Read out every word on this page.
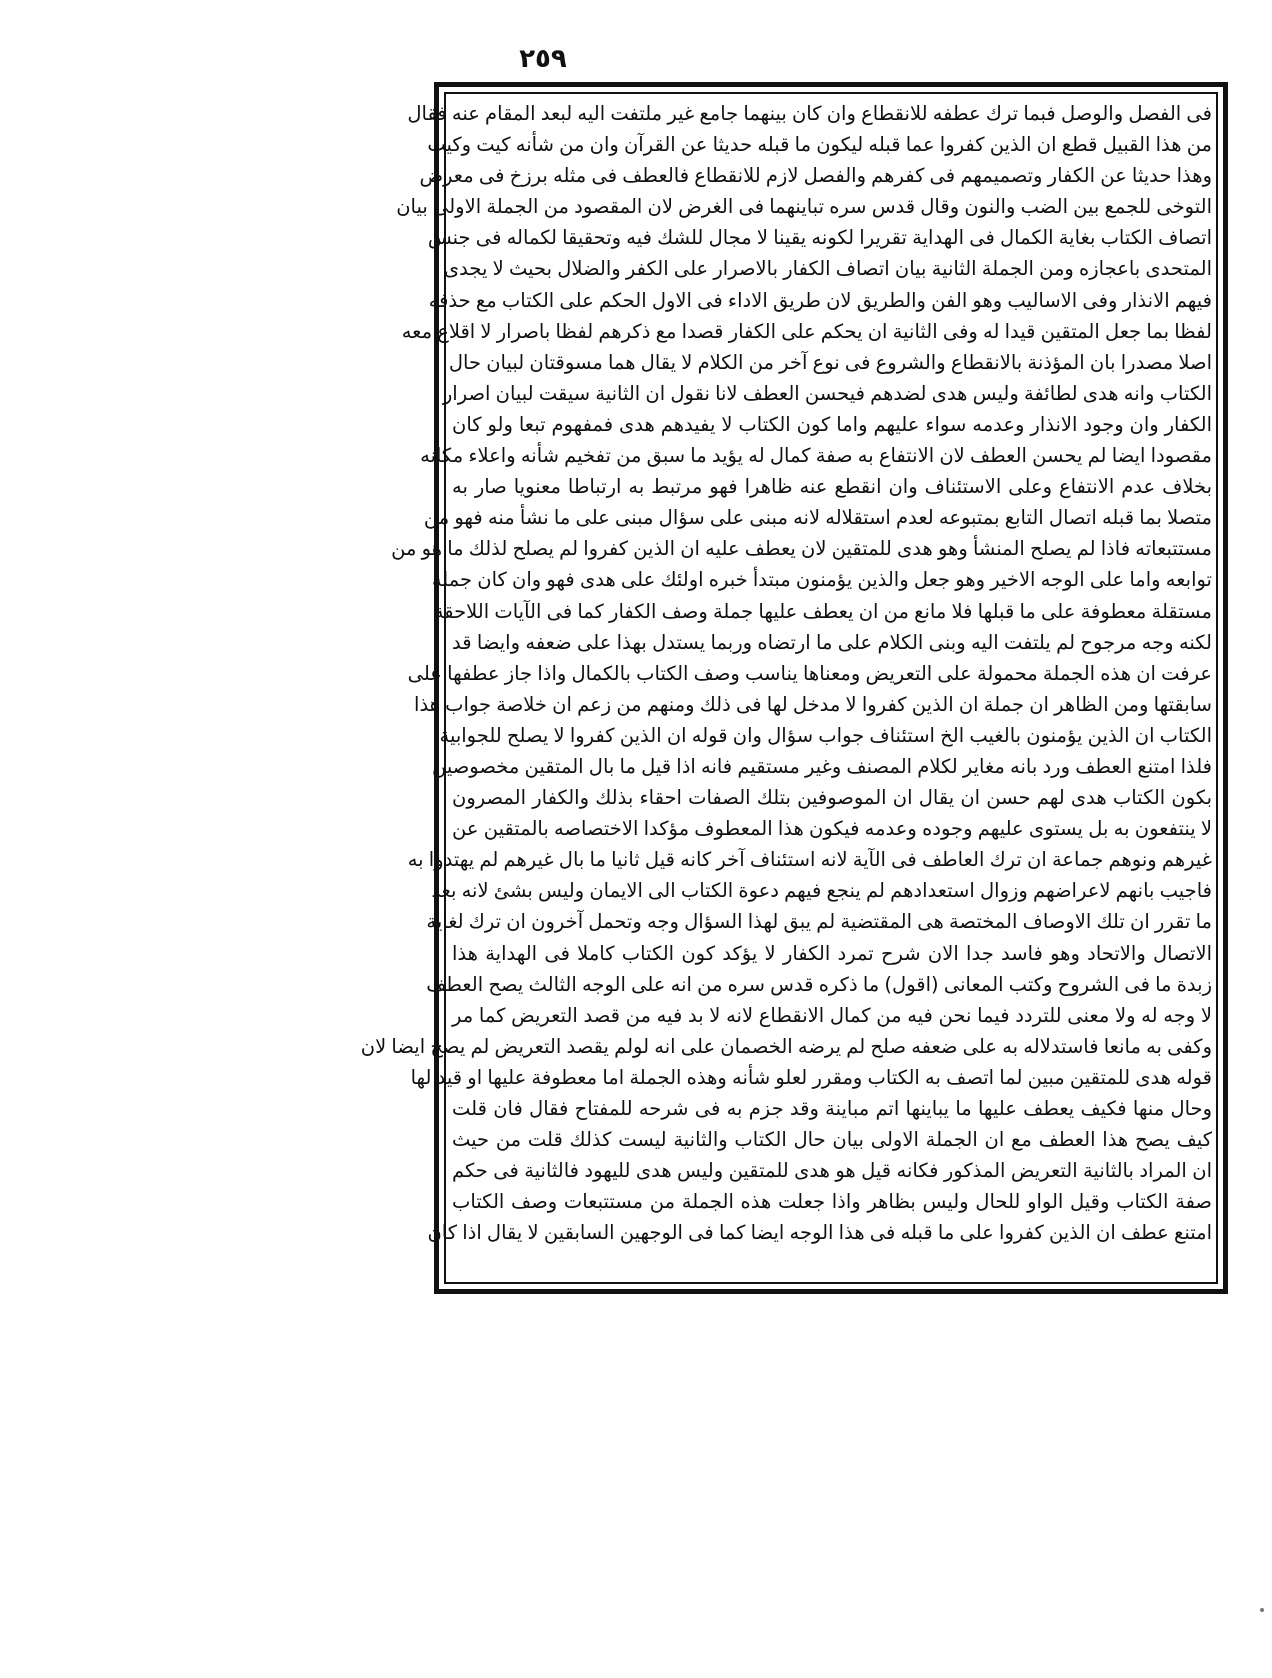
٢٥٩
فى الفصل والوصل فبما ترك عطفه للانقطاع وان كان بينهما جامع غير ملتفت اليه لبعد المقام عنه فقال
من هذا القبيل قطع ان الذين كفروا عما قبله ليكون ما قبله حديثا عن القرآن وان من شأنه كيت وكيت
وهذا حديثا عن الكفار وتصميمهم فى كفرهم والفصل لازم للانقطاع فالعطف فى مثله برزخ فى معرض
التوخى للجمع بين الضب والنون وقال قدس سره تباينهما فى الغرض لان المقصود من الجملة الاولى بيان
اتصاف الكتاب بغاية الكمال فى الهداية تقريرا لكونه يقينا لا مجال للشك فيه وتحقيقا لكماله فى جنس
المتحدى باعجازه ومن الجملة الثانية بيان اتصاف الكفار بالاصرار على الكفر والضلال بحيث لا يجدى
فيهم الانذار وفى الاساليب وهو الفن والطريق لان طريق الاداء فى الاول الحكم على الكتاب مع حذفه
لفظا بما جعل المتقين قيدا له وفى الثانية ان يحكم على الكفار قصدا مع ذكرهم لفظا باصرار لا اقلاع معه
اصلا مصدرا بان المؤذنة بالانقطاع والشروع فى نوع آخر من الكلام لا يقال هما مسوقتان لبيان حال
الكتاب وانه هدى لطائفة وليس هدى لضدهم فيحسن العطف لانا نقول ان الثانية سيقت لبيان اصرار
الكفار وان وجود الانذار وعدمه سواء عليهم واما كون الكتاب لا يفيدهم هدى فمفهوم تبعا ولو كان
مقصودا ايضا لم يحسن العطف لان الانتفاع به صفة كمال له يؤيد ما سبق من تفخيم شأنه واعلاء مكانه
بخلاف عدم الانتفاع وعلى الاستئناف وان انقطع عنه ظاهرا فهو مرتبط به ارتباطا معنويا صار به
متصلا بما قبله اتصال التابع بمتبوعه لعدم استقلاله لانه مبنى على سؤال مبنى على ما نشأ منه فهو من
مستتبعاته فاذا لم يصلح المنشأ وهو هدى للمتقين لان يعطف عليه ان الذين كفروا لم يصلح لذلك ما هو من
توابعه واما على الوجه الاخير وهو جعل والذين يؤمنون مبتدأ خبره اولئك على هدى فهو وان كان جملة
مستقلة معطوفة على ما قبلها فلا مانع من ان يعطف عليها جملة وصف الكفار كما فى الآيات اللاحقة
لكنه وجه مرجوح لم يلتفت اليه وبنى الكلام على ما ارتضاه وربما يستدل بهذا على ضعفه وايضا قد
عرفت ان هذه الجملة محمولة على التعريض ومعناها يناسب وصف الكتاب بالكمال واذا جاز عطفها على
سابقتها ومن الظاهر ان جملة ان الذين كفروا لا مدخل لها فى ذلك ومنهم من زعم ان خلاصة جواب هذا
الكتاب ان الذين يؤمنون بالغيب الخ استئناف جواب سؤال وان قوله ان الذين كفروا لا يصلح للجوابية
فلذا امتنع العطف ورد بانه مغاير لكلام المصنف وغير مستقيم فانه اذا قيل ما بال المتقين مخصوصين
بكون الكتاب هدى لهم حسن ان يقال ان الموصوفين بتلك الصفات احقاء بذلك والكفار المصرون
لا ينتفعون به بل يستوى عليهم وجوده وعدمه فيكون هذا المعطوف مؤكدا الاختصاصه بالمتقين عن
غيرهم ونوهم جماعة ان ترك العاطف فى الآية لانه استئناف آخر كانه قيل ثانيا ما بال غيرهم لم يهتدوا به
فاجيب بانهم لاعراضهم وزوال استعدادهم لم ينجع فيهم دعوة الكتاب الى الايمان وليس بشئ لانه بعد
ما تقرر ان تلك الاوصاف المختصة هى المقتضية لم يبق لهذا السؤال وجه وتحمل آخرون ان ترك لغاية
الاتصال والاتحاد وهو فاسد جدا الان شرح تمرد الكفار لا يؤكد كون الكتاب كاملا فى الهداية هذا
زبدة ما فى الشروح وكتب المعانى (اقول) ما ذكره قدس سره من انه على الوجه الثالث يصح العطف
لا وجه له ولا معنى للتردد فيما نحن فيه من كمال الانقطاع لانه لا بد فيه من قصد التعريض كما مر
وكفى به مانعا فاستدلاله به على ضعفه صلح لم يرضه الخصمان على انه لولم يقصد التعريض لم يصح ايضا لان
قوله هدى للمتقين مبين لما اتصف به الكتاب ومقرر لعلو شأنه وهذه الجملة اما معطوفة عليها او قيد لها
وحال منها فكيف يعطف عليها ما يباينها اتم مباينة وقد جزم به فى شرحه للمفتاح فقال فان قلت
كيف يصح هذا العطف مع ان الجملة الاولى بيان حال الكتاب والثانية ليست كذلك قلت من حيث
ان المراد بالثانية التعريض المذكور فكانه قيل هو هدى للمتقين وليس هدى لليهود فالثانية فى حكم
صفة الكتاب وقيل الواو للحال وليس بظاهر واذا جعلت هذه الجملة من مستتبعات وصف الكتاب
امتنع عطف ان الذين كفروا على ما قبله فى هذا الوجه ايضا كما فى الوجهين السابقين لا يقال اذا كان
